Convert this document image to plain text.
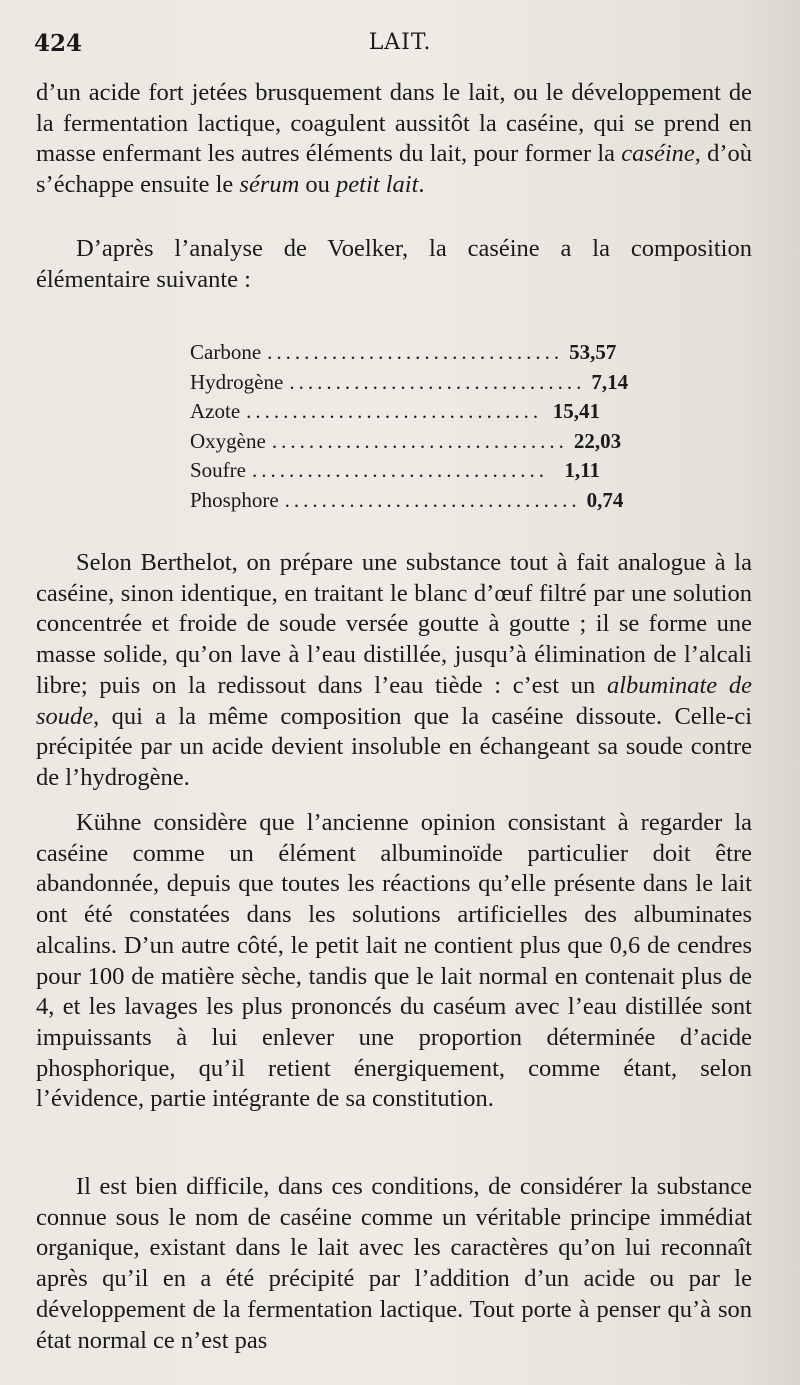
424	LAIT.

d’un acide fort jetées brusquement dans le lait, ou le développement de la fermentation lactique, coagulent aussitôt la caséine, qui se prend en masse enfermant les autres éléments du lait, pour former la caséine, d’où s’échappe ensuite le sérum ou petit lait.

D’après l’analyse de Voelker, la caséine a la composition élémentaire suivante :

Carbone ................................ 53,57
Hydrogène ................................ 7,14
Azote ................................ 15,41
Oxygène ................................ 22,03
Soufre ................................ 1,11
Phosphore ................................ 0,74

Selon Berthelot, on prépare une substance tout à fait analogue à la caséine, sinon identique, en traitant le blanc d’œuf filtré par une solution concentrée et froide de soude versée goutte à goutte ; il se forme une masse solide, qu’on lave à l’eau distillée, jusqu’à élimination de l’alcali libre; puis on la redissout dans l’eau tiède : c’est un albuminate de soude, qui a la même composition que la caséine dissoute. Celle-ci précipitée par un acide devient insoluble en échangeant sa soude contre de l’hydrogène.

Kühne considère que l’ancienne opinion consistant à regarder la caséine comme un élément albuminoïde particulier doit être abandonnée, depuis que toutes les réactions qu’elle présente dans le lait ont été constatées dans les solutions artificielles des albuminates alcalins. D’un autre côté, le petit lait ne contient plus que 0,6 de cendres pour 100 de matière sèche, tandis que le lait normal en contenait plus de 4, et les lavages les plus prononcés du caséum avec l’eau distillée sont impuissants à lui enlever une proportion déterminée d’acide phosphorique, qu’il retient énergiquement, comme étant, selon l’évidence, partie intégrante de sa constitution.

Il est bien difficile, dans ces conditions, de considérer la substance connue sous le nom de caséine comme un véritable principe immédiat organique, existant dans le lait avec les caractères qu’on lui reconnaît après qu’il en a été précipité par l’addition d’un acide ou par le développement de la fermentation lactique. Tout porte à penser qu’à son état normal ce n’est pas
